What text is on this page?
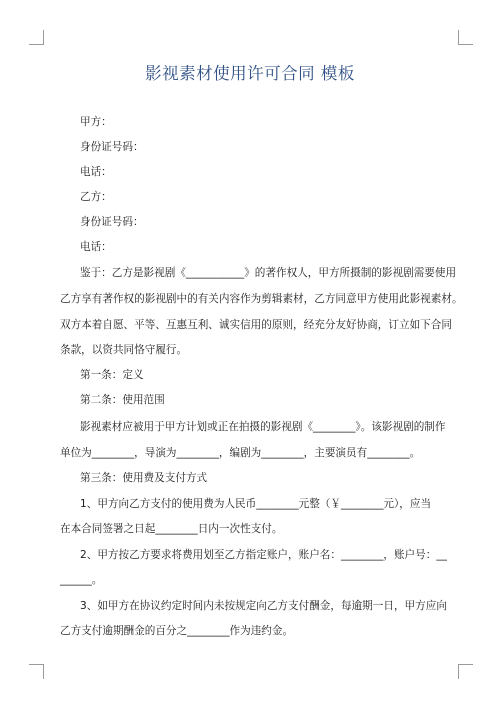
影视素材使用许可合同 模板
甲方：
身份证号码：
电话：
乙方：
身份证号码：
电话：
鉴于：乙方是影视剧《___________》的著作权人，甲方所摄制的影视剧需要使用
乙方享有著作权的影视剧中的有关内容作为剪辑素材，乙方同意甲方使用此影视素材。
双方本着自愿、平等、互惠互利、诚实信用的原则，经充分友好协商，订立如下合同
条款，以资共同恪守履行。
第一条：定义
第二条：使用范围
影视素材应被用于甲方计划或正在拍摄的影视剧《________》。该影视剧的制作
单位为________，导演为________，编剧为________，主要演员有________。
第三条：使用费及支付方式
1、甲方向乙方支付的使用费为人民币________元整（￥________元），应当
在本合同签署之日起________日内一次性支付。
2、甲方按乙方要求将费用划至乙方指定账户，账户名：________，账户号：__
______。
3、如甲方在协议约定时间内未按规定向乙方支付酬金，每逾期一日，甲方应向
乙方支付逾期酬金的百分之________作为违约金。
